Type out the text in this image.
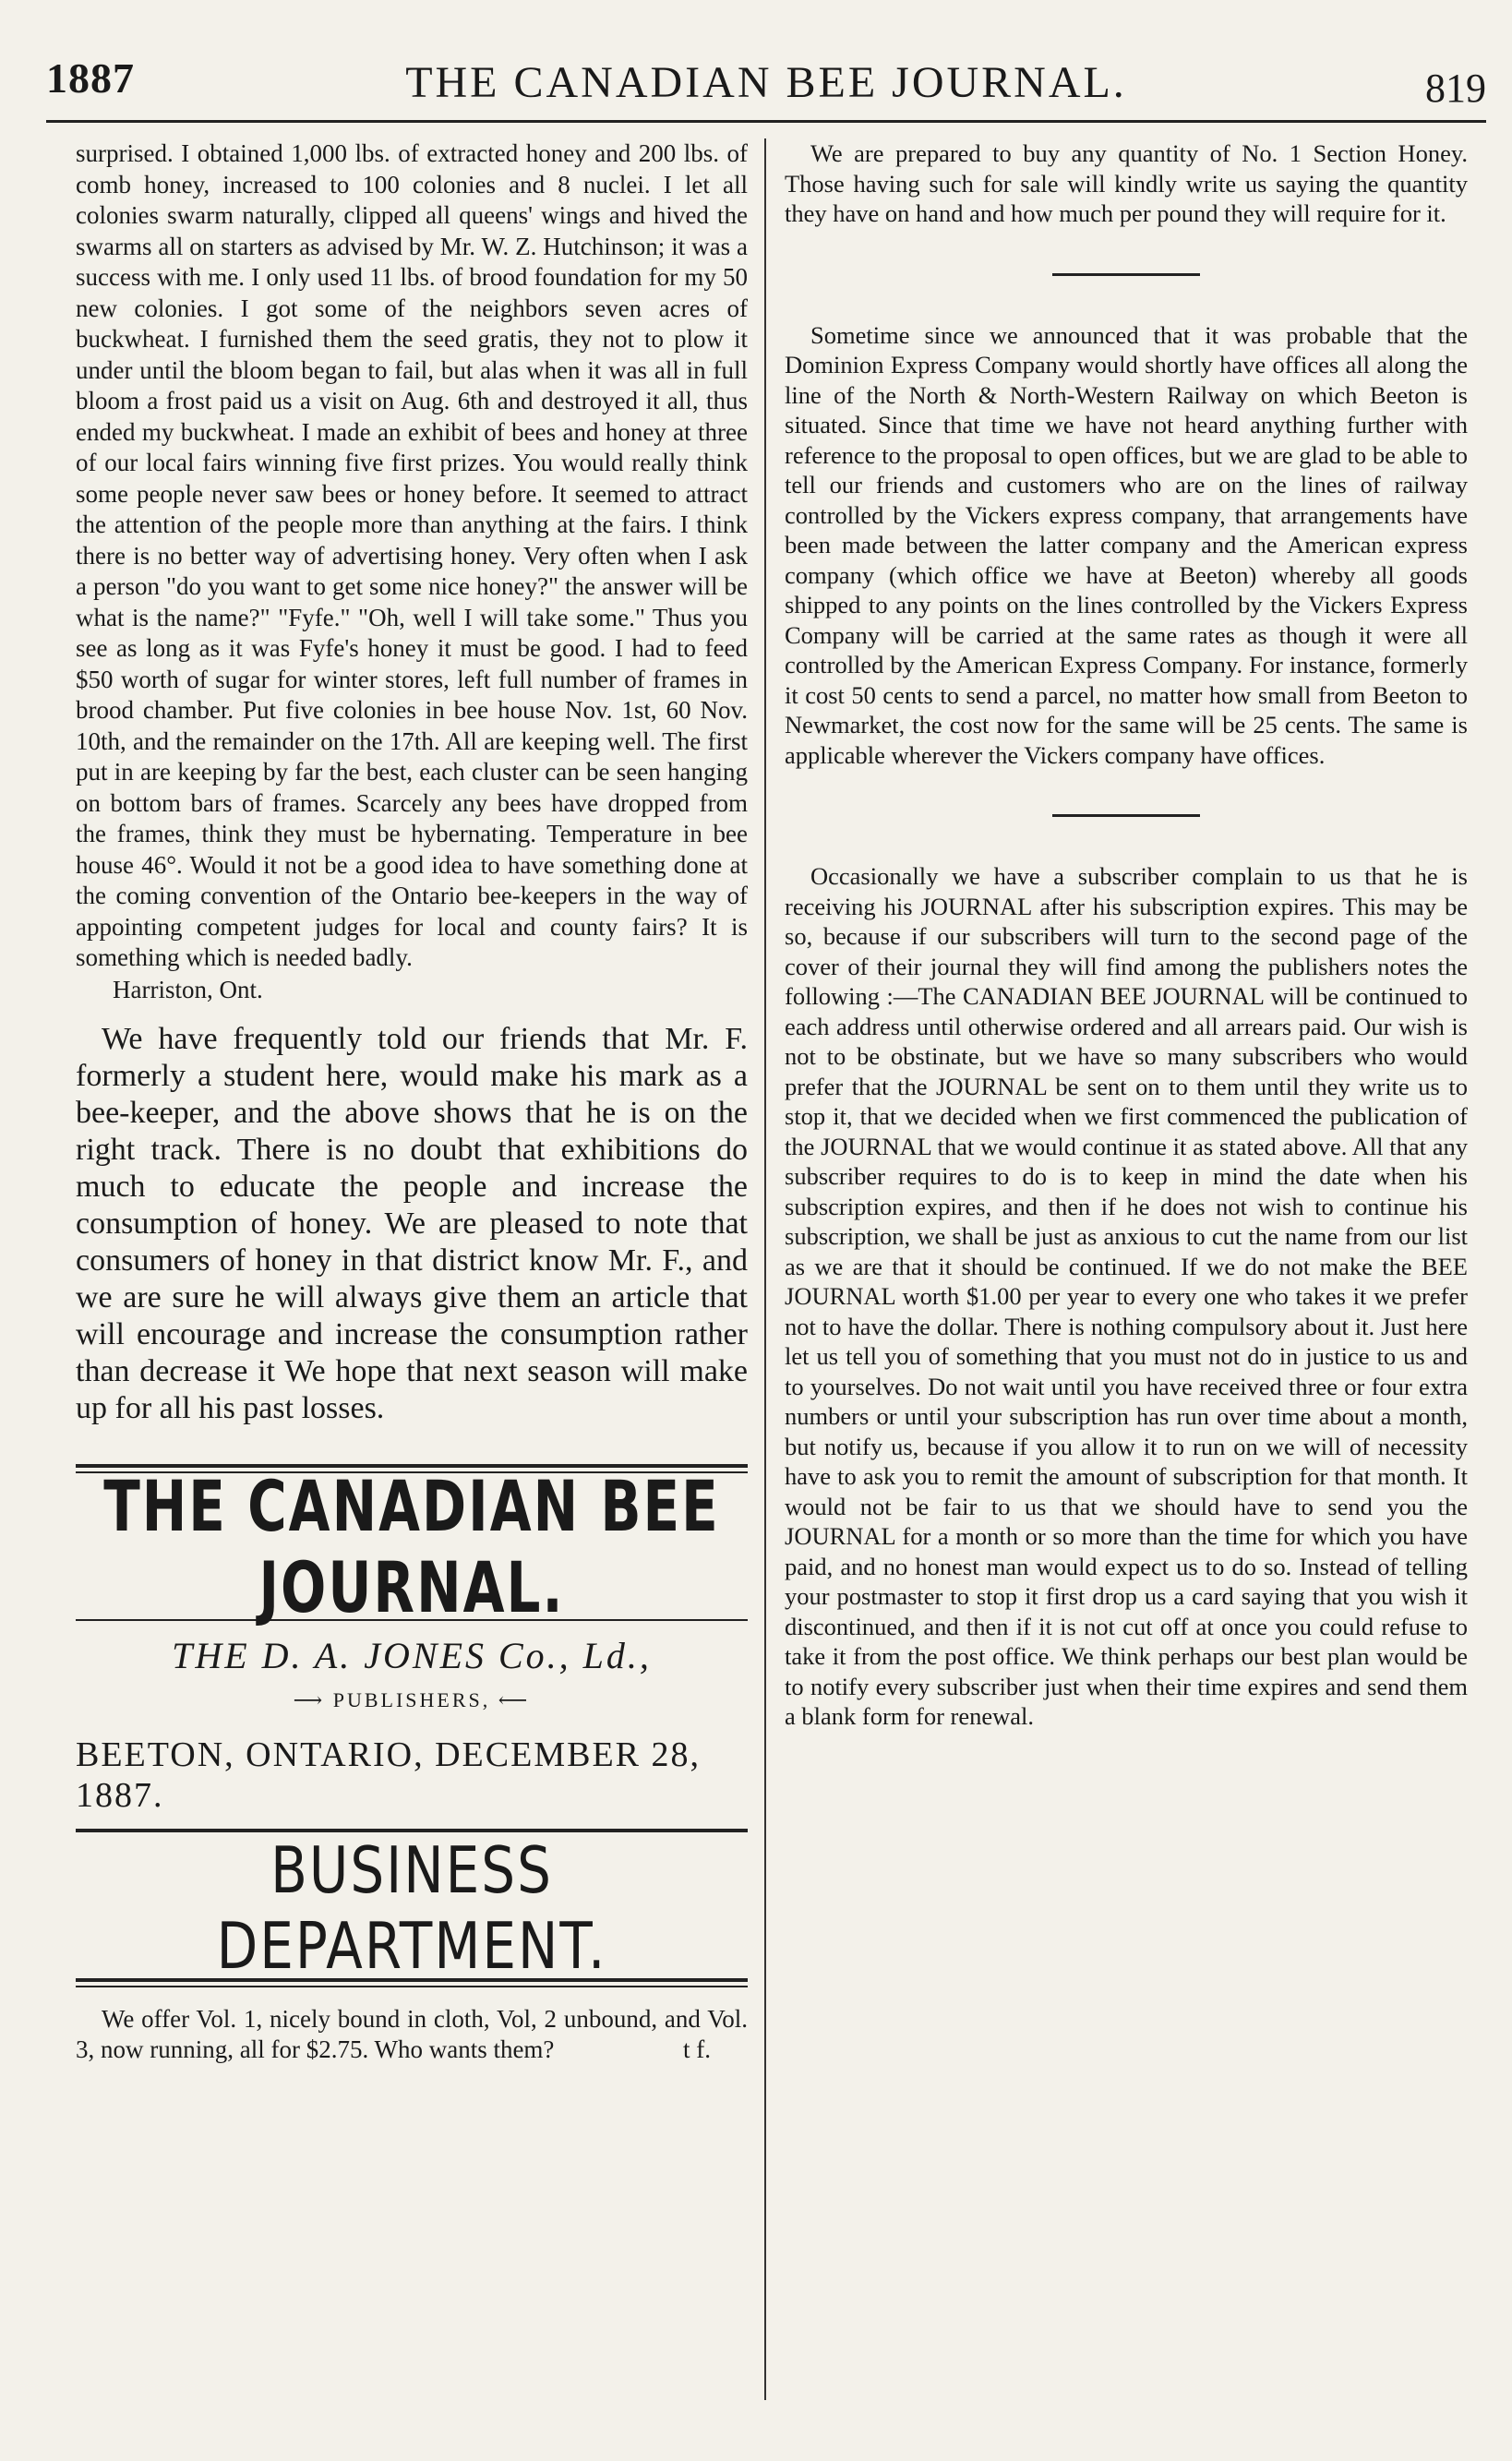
1887	THE CANADIAN BEE JOURNAL.	819

surprised. I obtained 1,000 lbs. of extracted honey and 200 lbs. of comb honey, increased to 100 colonies and 8 nuclei. I let all colonies swarm naturally, clipped all queens' wings and hived the swarms all on starters as advised by Mr. W. Z. Hutchinson; it was a success with me. I only used 11 lbs. of brood foundation for my 50 new colonies. I got some of the neighbors seven acres of buckwheat. I furnished them the seed gratis, they not to plow it under until the bloom began to fail, but alas when it was all in full bloom a frost paid us a visit on Aug. 6th and destroyed it all, thus ended my buckwheat. I made an exhibit of bees and honey at three of our local fairs winning five first prizes. You would really think some people never saw bees or honey before. It seemed to attract the attention of the people more than anything at the fairs. I think there is no better way of advertising honey. Very often when I ask a person "do you want to get some nice honey?" the answer will be what is the name?" "Fyfe." "Oh, well I will take some." Thus you see as long as it was Fyfe's honey it must be good. I had to feed $50 worth of sugar for winter stores, left full number of frames in brood chamber. Put five colonies in bee house Nov. 1st, 60 Nov. 10th, and the remainder on the 17th. All are keeping well. The first put in are keeping by far the best, each cluster can be seen hanging on bottom bars of frames. Scarcely any bees have dropped from the frames, think they must be hybernating. Temperature in bee house 46°. Would it not be a good idea to have something done at the coming convention of the Ontario bee-keepers in the way of appointing competent judges for local and county fairs? It is something which is needed badly.

Harriston, Ont.

We have frequently told our friends that Mr. F. formerly a student here, would make his mark as a bee-keeper, and the above shows that he is on the right track. There is no doubt that exhibitions do much to educate the people and increase the consumption of honey. We are pleased to note that consumers of honey in that district know Mr. F., and we are sure he will always give them an article that will encourage and increase the consumption rather than decrease it We hope that next season will make up for all his past losses.

THE CANADIAN BEE JOURNAL.
THE D. A. JONES Co., Ld.,
⟶ PUBLISHERS, ⟵
BEETON, ONTARIO, DECEMBER 28, 1887.
BUSINESS DEPARTMENT.

We offer Vol. 1, nicely bound in cloth, Vol, 2 unbound, and Vol. 3, now running, all for $2.75. Who wants them?	t f.

We are prepared to buy any quantity of No. 1 Section Honey. Those having such for sale will kindly write us saying the quantity they have on hand and how much per pound they will require for it.

Sometime since we announced that it was probable that the Dominion Express Company would shortly have offices all along the line of the North & North-Western Railway on which Beeton is situated. Since that time we have not heard anything further with reference to the proposal to open offices, but we are glad to be able to tell our friends and customers who are on the lines of railway controlled by the Vickers express company, that arrangements have been made between the latter company and the American express company (which office we have at Beeton) whereby all goods shipped to any points on the lines controlled by the Vickers Express Company will be carried at the same rates as though it were all controlled by the American Express Company. For instance, formerly it cost 50 cents to send a parcel, no matter how small from Beeton to Newmarket, the cost now for the same will be 25 cents. The same is applicable wherever the Vickers company have offices.

Occasionally we have a subscriber complain to us that he is receiving his JOURNAL after his subscription expires. This may be so, because if our subscribers will turn to the second page of the cover of their journal they will find among the publishers notes the following :—The CANADIAN BEE JOURNAL will be continued to each address until otherwise ordered and all arrears paid. Our wish is not to be obstinate, but we have so many subscribers who would prefer that the JOURNAL be sent on to them until they write us to stop it, that we decided when we first commenced the publication of the JOURNAL that we would continue it as stated above. All that any subscriber requires to do is to keep in mind the date when his subscription expires, and then if he does not wish to continue his subscription, we shall be just as anxious to cut the name from our list as we are that it should be continued. If we do not make the BEE JOURNAL worth $1.00 per year to every one who takes it we prefer not to have the dollar. There is nothing compulsory about it. Just here let us tell you of something that you must not do in justice to us and to yourselves. Do not wait until you have received three or four extra numbers or until your subscription has run over time about a month, but notify us, because if you allow it to run on we will of necessity have to ask you to remit the amount of subscription for that month. It would not be fair to us that we should have to send you the JOURNAL for a month or so more than the time for which you have paid, and no honest man would expect us to do so. Instead of telling your postmaster to stop it first drop us a card saying that you wish it discontinued, and then if it is not cut off at once you could refuse to take it from the post office. We think perhaps our best plan would be to notify every subscriber just when their time expires and send them a blank form for renewal.
